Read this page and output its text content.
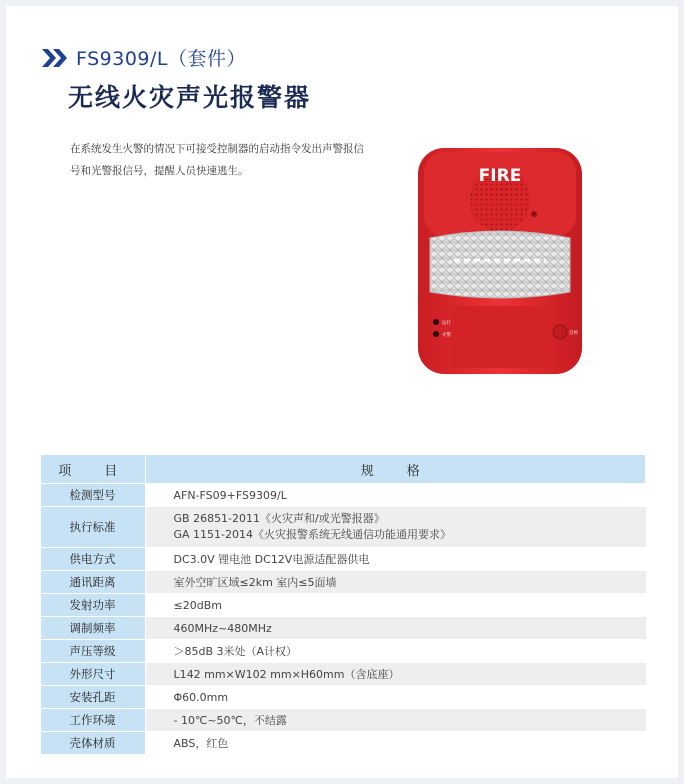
FS9309/L（套件）
无线火灾声光报警器
在系统发生火警的情况下可接受控制器的启动指令发出声警报信号和光警报信号，提醒人员快速逃生。	FIRE
运行
火警	自检
项　目	规　格
检测型号	AFN-FS09+FS9309/L
执行标准	GB 26851-2011《火灾声和/或光警报器》
GA 1151-2014《火灾报警系统无线通信功能通用要求》

供电方式	DC3.0V 锂电池 DC12V电源适配器供电
通讯距离	室外空旷区域≤2km 室内≤5面墙
发射功率	≤20dBm
调制频率	460MHz~480MHz
声压等级	＞85dB 3米处（A计权）
外形尺寸	L142 mm×W102 mm×H60mm（含底座）
安装孔距	Φ60.0mm
工作环境	- 10℃~50℃，不结露
壳体材质	ABS，红色
